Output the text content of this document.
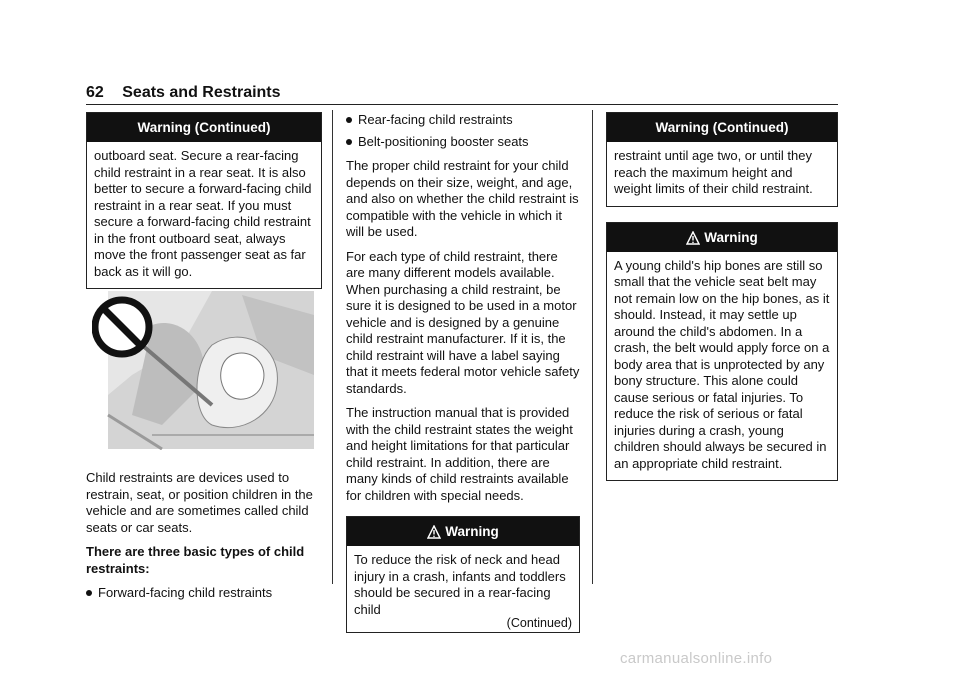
62 Seats and Restraints
Warning (Continued)

outboard seat. Secure a rear-facing child restraint in a rear seat. It is also better to secure a forward-facing child restraint in a rear seat. If you must secure a forward-facing child restraint in the front outboard seat, always move the front passenger seat as far back as it will go.

Child restraints are devices used to restrain, seat, or position children in the vehicle and are sometimes called child seats or car seats.

There are three basic types of child restraints:

Forward-facing child restraints
Rear-facing child restraints
Belt-positioning booster seats

The proper child restraint for your child depends on their size, weight, and age, and also on whether the child restraint is compatible with the vehicle in which it will be used.

For each type of child restraint, there are many different models available. When purchasing a child restraint, be sure it is designed to be used in a motor vehicle and is designed by a genuine child restraint manufacturer. If it is, the child restraint will have a label saying that it meets federal motor vehicle safety standards.

The instruction manual that is provided with the child restraint states the weight and height limitations for that particular child restraint. In addition, there are many kinds of child restraints available for children with special needs.

Warning

To reduce the risk of neck and head injury in a crash, infants and toddlers should be secured in a rear-facing child

(Continued)
Warning (Continued)

restraint until age two, or until they reach the maximum height and weight limits of their child restraint.

Warning

A young child's hip bones are still so small that the vehicle seat belt may not remain low on the hip bones, as it should. Instead, it may settle up around the child's abdomen. In a crash, the belt would apply force on a body area that is unprotected by any bony structure. This alone could cause serious or fatal injuries. To reduce the risk of serious or fatal injuries during a crash, young children should always be secured in an appropriate child restraint.

carmanualsonline.info
